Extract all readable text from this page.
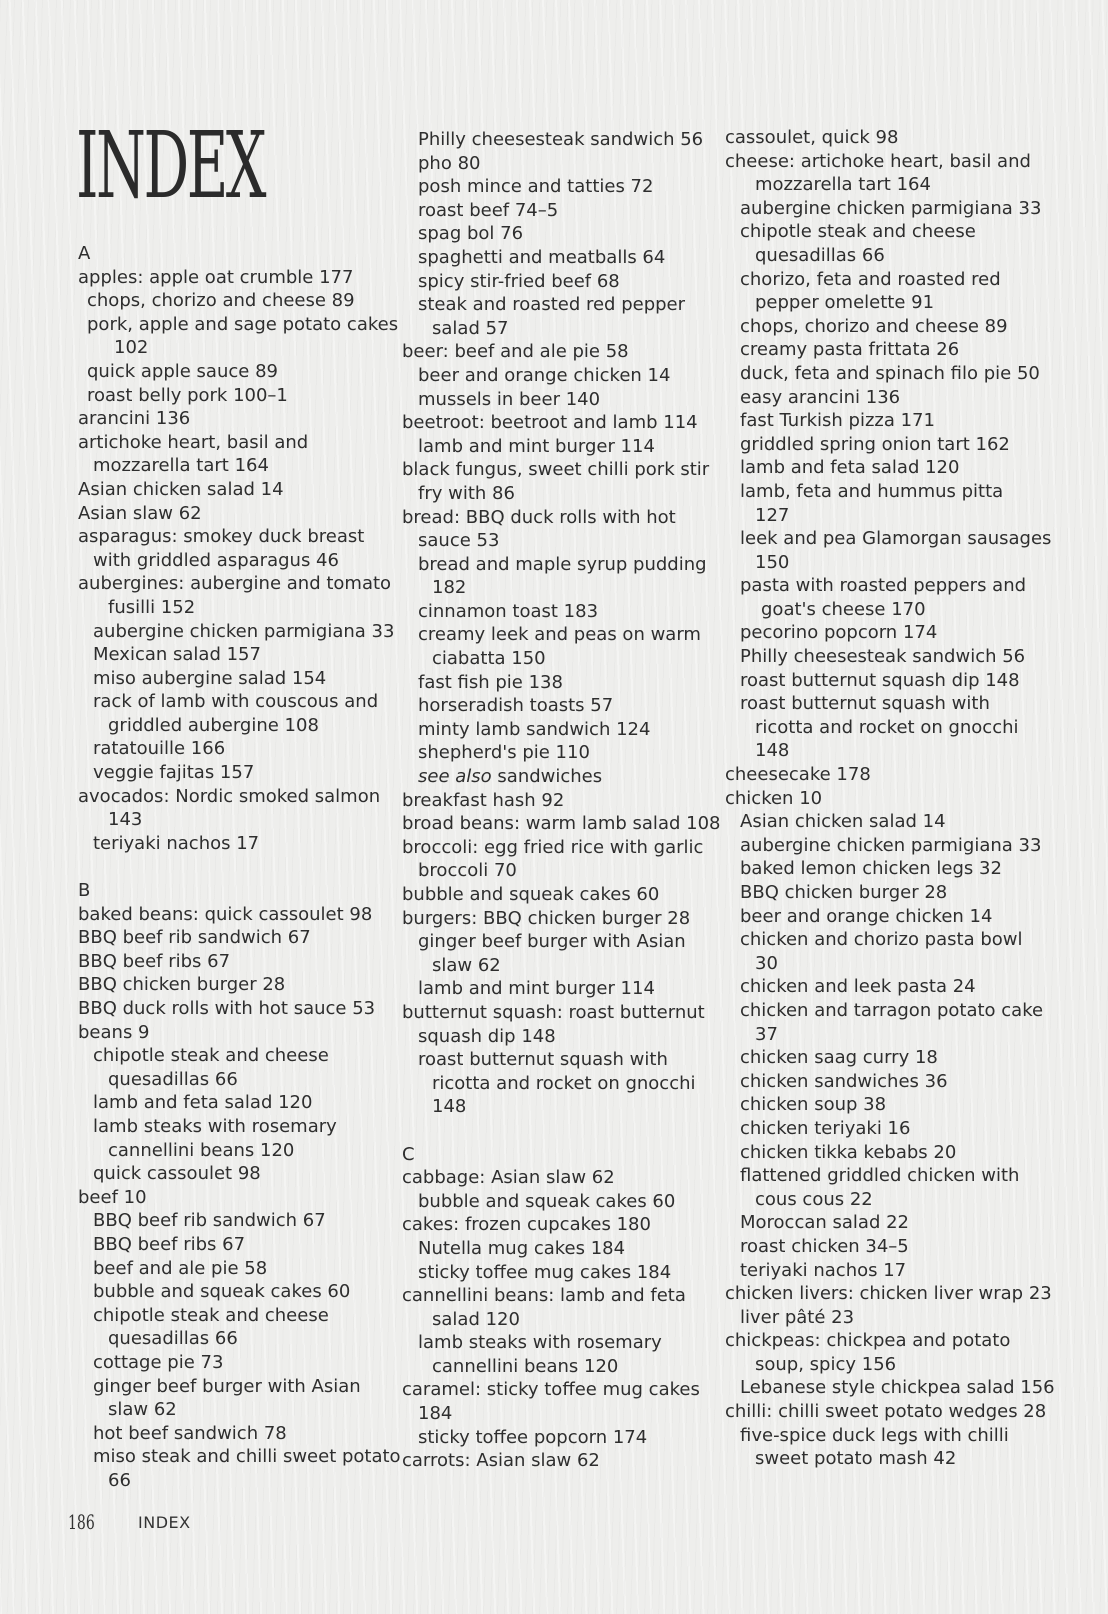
INDEX
A
apples: apple oat crumble 177
chops, chorizo and cheese 89
pork, apple and sage potato cakes
102
quick apple sauce 89
roast belly pork 100–1
arancini 136
artichoke heart, basil and
mozzarella tart 164
Asian chicken salad 14
Asian slaw 62
asparagus: smokey duck breast
with griddled asparagus 46
aubergines: aubergine and tomato
fusilli 152
aubergine chicken parmigiana 33
Mexican salad 157
miso aubergine salad 154
rack of lamb with couscous and
griddled aubergine 108
ratatouille 166
veggie fajitas 157
avocados: Nordic smoked salmon
143
teriyaki nachos 17
B
baked beans: quick cassoulet 98
BBQ beef rib sandwich 67
BBQ beef ribs 67
BBQ chicken burger 28
BBQ duck rolls with hot sauce 53
beans 9
chipotle steak and cheese
quesadillas 66
lamb and feta salad 120
lamb steaks with rosemary
cannellini beans 120
quick cassoulet 98
beef 10
BBQ beef rib sandwich 67
BBQ beef ribs 67
beef and ale pie 58
bubble and squeak cakes 60
chipotle steak and cheese
quesadillas 66
cottage pie 73
ginger beef burger with Asian
slaw 62
hot beef sandwich 78
miso steak and chilli sweet potato
66
Philly cheesesteak sandwich 56
pho 80
posh mince and tatties 72
roast beef 74–5
spag bol 76
spaghetti and meatballs 64
spicy stir-fried beef 68
steak and roasted red pepper
salad 57
beer: beef and ale pie 58
beer and orange chicken 14
mussels in beer 140
beetroot: beetroot and lamb 114
lamb and mint burger 114
black fungus, sweet chilli pork stir
fry with 86
bread: BBQ duck rolls with hot
sauce 53
bread and maple syrup pudding
182
cinnamon toast 183
creamy leek and peas on warm
ciabatta 150
fast fish pie 138
horseradish toasts 57
minty lamb sandwich 124
shepherd's pie 110
see also sandwiches
breakfast hash 92
broad beans: warm lamb salad 108
broccoli: egg fried rice with garlic
broccoli 70
bubble and squeak cakes 60
burgers: BBQ chicken burger 28
ginger beef burger with Asian
slaw 62
lamb and mint burger 114
butternut squash: roast butternut
squash dip 148
roast butternut squash with
ricotta and rocket on gnocchi
148
C
cabbage: Asian slaw 62
bubble and squeak cakes 60
cakes: frozen cupcakes 180
Nutella mug cakes 184
sticky toffee mug cakes 184
cannellini beans: lamb and feta
salad 120
lamb steaks with rosemary
cannellini beans 120
caramel: sticky toffee mug cakes
184
sticky toffee popcorn 174
carrots: Asian slaw 62
cassoulet, quick 98
cheese: artichoke heart, basil and
mozzarella tart 164
aubergine chicken parmigiana 33
chipotle steak and cheese
quesadillas 66
chorizo, feta and roasted red
pepper omelette 91
chops, chorizo and cheese 89
creamy pasta frittata 26
duck, feta and spinach filo pie 50
easy arancini 136
fast Turkish pizza 171
griddled spring onion tart 162
lamb and feta salad 120
lamb, feta and hummus pitta
127
leek and pea Glamorgan sausages
150
pasta with roasted peppers and
goat's cheese 170
pecorino popcorn 174
Philly cheesesteak sandwich 56
roast butternut squash dip 148
roast butternut squash with
ricotta and rocket on gnocchi
148
cheesecake 178
chicken 10
Asian chicken salad 14
aubergine chicken parmigiana 33
baked lemon chicken legs 32
BBQ chicken burger 28
beer and orange chicken 14
chicken and chorizo pasta bowl
30
chicken and leek pasta 24
chicken and tarragon potato cake
37
chicken saag curry 18
chicken sandwiches 36
chicken soup 38
chicken teriyaki 16
chicken tikka kebabs 20
flattened griddled chicken with
cous cous 22
Moroccan salad 22
roast chicken 34–5
teriyaki nachos 17
chicken livers: chicken liver wrap 23
liver pâté 23
chickpeas: chickpea and potato
soup, spicy 156
Lebanese style chickpea salad 156
chilli: chilli sweet potato wedges 28
five-spice duck legs with chilli
sweet potato mash 42
186	INDEX
